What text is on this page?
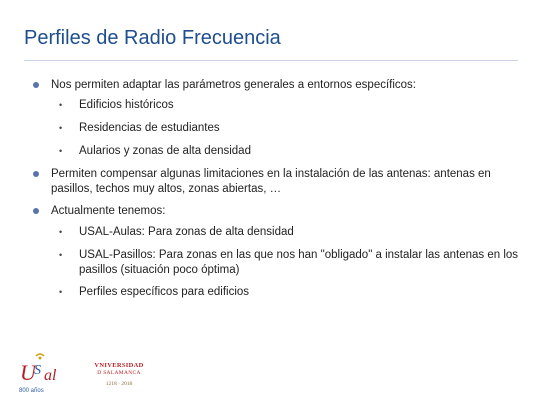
Perfiles de Radio Frecuencia
Nos permiten adaptar las parámetros generales a entornos específicos:
• Edificios históricos
• Residencias de estudiantes
• Aularios y zonas de alta densidad
Permiten compensar algunas limitaciones en la instalación de las antenas: antenas en pasillos, techos muy altos, zonas abiertas, …
Actualmente tenemos:
• USAL-Aulas: Para zonas de alta densidad
• USAL-Pasillos: Para zonas en las que nos han "obligado" a instalar las antenas en los pasillos (situación poco óptima)
• Perfiles específicos para edificios
U
S al
800 años
VNIVERSIDAD
D SALAMANCA
1218 · 2018
